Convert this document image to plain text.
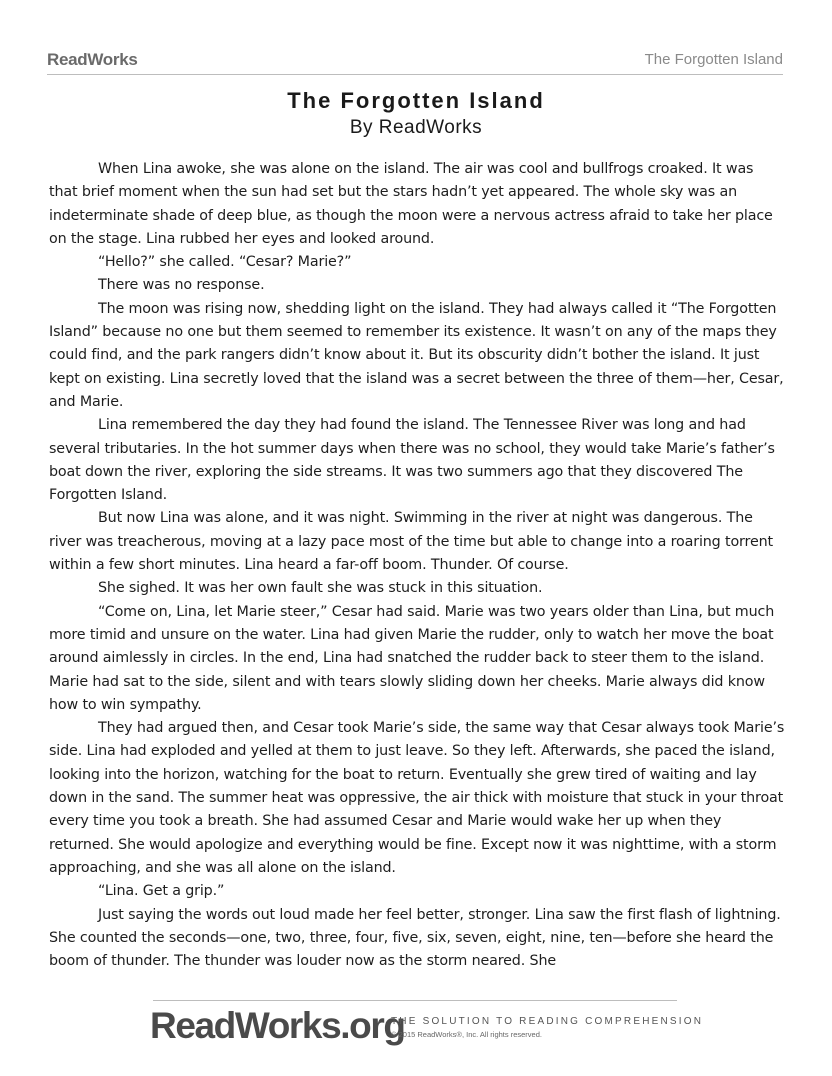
ReadWorks	The Forgotten Island
The Forgotten Island
By ReadWorks

When Lina awoke, she was alone on the island. The air was cool and bullfrogs croaked. It was that brief moment when the sun had set but the stars hadn’t yet appeared. The whole sky was an indeterminate shade of deep blue, as though the moon were a nervous actress afraid to take her place on the stage. Lina rubbed her eyes and looked around.

“Hello?” she called. “Cesar? Marie?”

There was no response.

The moon was rising now, shedding light on the island. They had always called it “The Forgotten Island” because no one but them seemed to remember its existence. It wasn’t on any of the maps they could find, and the park rangers didn’t know about it. But its obscurity didn’t bother the island. It just kept on existing. Lina secretly loved that the island was a secret between the three of them—her, Cesar, and Marie.

Lina remembered the day they had found the island. The Tennessee River was long and had several tributaries. In the hot summer days when there was no school, they would take Marie’s father’s boat down the river, exploring the side streams. It was two summers ago that they discovered The Forgotten Island.

But now Lina was alone, and it was night. Swimming in the river at night was dangerous. The river was treacherous, moving at a lazy pace most of the time but able to change into a roaring torrent within a few short minutes. Lina heard a far-off boom. Thunder. Of course.

She sighed. It was her own fault she was stuck in this situation.

“Come on, Lina, let Marie steer,” Cesar had said. Marie was two years older than Lina, but much more timid and unsure on the water. Lina had given Marie the rudder, only to watch her move the boat around aimlessly in circles. In the end, Lina had snatched the rudder back to steer them to the island. Marie had sat to the side, silent and with tears slowly sliding down her cheeks. Marie always did know how to win sympathy.

They had argued then, and Cesar took Marie’s side, the same way that Cesar always took Marie’s side. Lina had exploded and yelled at them to just leave. So they left. Afterwards, she paced the island, looking into the horizon, watching for the boat to return. Eventually she grew tired of waiting and lay down in the sand. The summer heat was oppressive, the air thick with moisture that stuck in your throat every time you took a breath. She had assumed Cesar and Marie would wake her up when they returned. She would apologize and everything would be fine. Except now it was nighttime, with a storm approaching, and she was all alone on the island.

“Lina. Get a grip.”

Just saying the words out loud made her feel better, stronger. Lina saw the first flash of lightning. She counted the seconds—one, two, three, four, five, six, seven, eight, nine, ten—before she heard the boom of thunder. The thunder was louder now as the storm neared. She

ReadWorks.org
THE SOLUTION TO READING COMPREHENSION
© 2015 ReadWorks®, Inc. All rights reserved.
